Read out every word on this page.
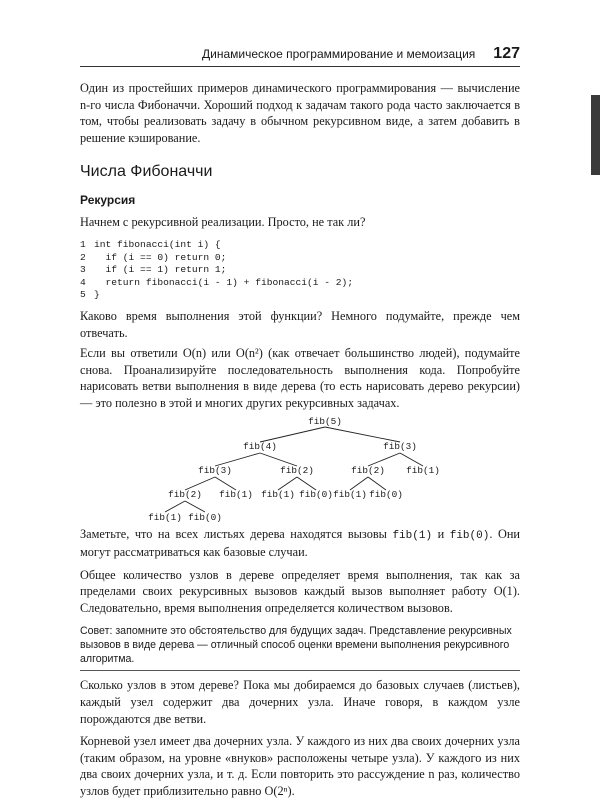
Динамическое программирование и мемоизация 127

Один из простейших примеров динамического программирования — вычисление n-го числа Фибоначчи. Хороший подход к задачам такого рода часто заключается в том, чтобы реализовать задачу в обычном рекурсивном виде, а затем добавить в решение кэширование.

Числа Фибоначчи
Рекурсия

Начнем с рекурсивной реализации. Просто, не так ли?

1 int fibonacci(int i) {
2  if (i == 0) return 0;
3  if (i == 1) return 1;
4  return fibonacci(i - 1) + fibonacci(i - 2);
5 }

Каково время выполнения этой функции? Немного подумайте, прежде чем отвечать.

Если вы ответили O(n) или O(n²) (как отвечает большинство людей), подумайте снова. Проанализируйте последовательность выполнения кода. Попробуйте нарисовать ветви выполнения в виде дерева (то есть нарисовать дерево рекурсии) — это полезно в этой и многих других рекурсивных задачах.

fib(5)
fib(4)	fib(3)
fib(3)	fib(2)	fib(2) fib(1)
fib(2) fib(1) fib(1) fib(0) fib(1) fib(0)
fib(1) fib(0)

Заметьте, что на всех листьях дерева находятся вызовы fib(1) и fib(0). Они могут рассматриваться как базовые случаи.

Общее количество узлов в дереве определяет время выполнения, так как за пределами своих рекурсивных вызовов каждый вызов выполняет работу O(1). Следовательно, время выполнения определяется количеством вызовов.

Совет: запомните это обстоятельство для будущих задач. Представление рекурсивных вызовов в виде дерева — отличный способ оценки времени выполнения рекурсивного алгоритма.

Сколько узлов в этом дереве? Пока мы добираемся до базовых случаев (листьев), каждый узел содержит два дочерних узла. Иначе говоря, в каждом узле порождаются две ветви.

Корневой узел имеет два дочерних узла. У каждого из них два своих дочерних узла (таким образом, на уровне «внуков» расположены четыре узла). У каждого из них два своих дочерних узла, и т. д. Если повторить это рассуждение n раз, количество узлов будет приблизительно равно O(2ⁿ).
